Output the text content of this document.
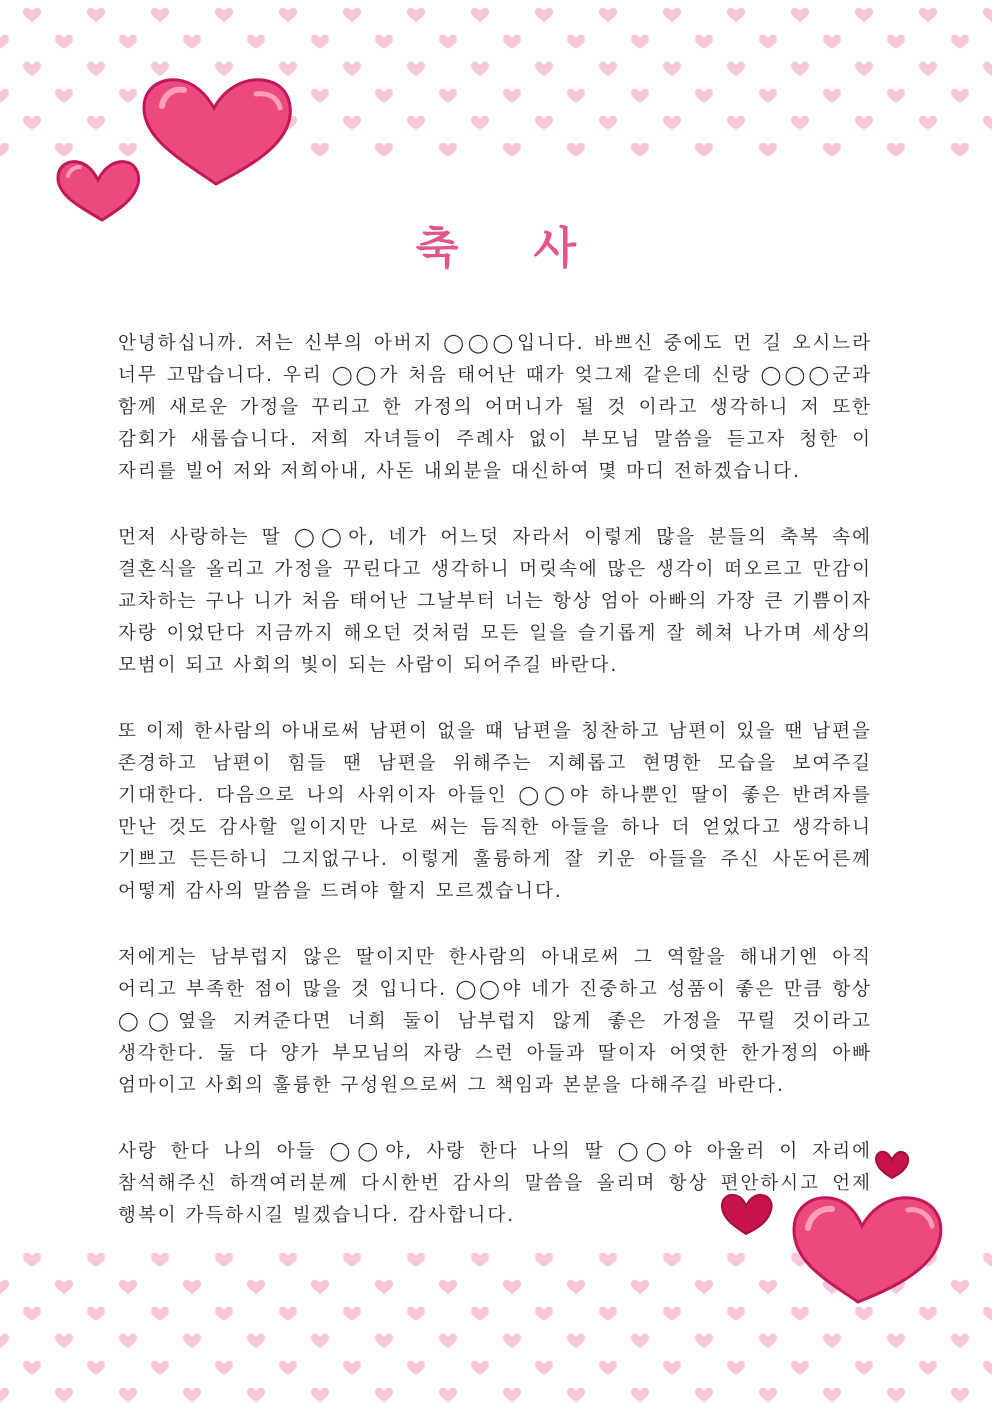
축 사

안녕하십니까. 저는 신부의 아버지 ◯◯◯입니다. 바쁘신 중에도 먼 길 오시느라 너무 고맙습니다. 우리 ◯◯가 처음 태어난 때가 엊그제 같은데 신랑 ◯◯◯군과 함께 새로운 가정을 꾸리고 한 가정의 어머니가 될 것 이라고 생각하니 저 또한 감회가 새롭습니다. 저희 자녀들이 주례사 없이 부모님 말씀을 듣고자 청한 이 자리를 빌어 저와 저희아내, 사돈 내외분을 대신하여 몇 마디 전하겠습니다.

먼저 사랑하는 딸 ◯◯아, 네가 어느덧 자라서 이렇게 많을 분들의 축복 속에 결혼식을 올리고 가정을 꾸린다고 생각하니 머릿속에 많은 생각이 떠오르고 만감이 교차하는 구나 니가 처음 태어난 그날부터 너는 항상 엄아 아빠의 가장 큰 기쁨이자 자랑 이었단다 지금까지 해오던 것처럼 모든 일을 슬기롭게 잘 헤쳐 나가며 세상의 모범이 되고 사회의 빛이 되는 사람이 되어주길 바란다.

또 이제 한사람의 아내로써 남편이 없을 때 남편을 칭찬하고 남편이 있을 땐 남편을 존경하고 남편이 힘들 땐 남편을 위해주는 지혜롭고 현명한 모습을 보여주길 기대한다. 다음으로 나의 사위이자 아들인 ◯◯야 하나뿐인 딸이 좋은 반려자를 만난 것도 감사할 일이지만 나로 써는 듬직한 아들을 하나 더 얻었다고 생각하니 기쁘고 든든하니 그지없구나. 이렇게 훌륭하게 잘 키운 아들을 주신 사돈어른께 어떻게 감사의 말씀을 드려야 할지 모르겠습니다.

저에게는 남부럽지 않은 딸이지만 한사람의 아내로써 그 역할을 해내기엔 아직 어리고 부족한 점이 많을 것 입니다. ◯◯야 네가 진중하고 성품이 좋은 만큼 항상 ◯◯옆을 지켜준다면 너희 둘이 남부럽지 않게 좋은 가정을 꾸릴 것이라고 생각한다. 둘 다 양가 부모님의 자랑 스런 아들과 딸이자 어엿한 한가정의 아빠 엄마이고 사회의 훌륭한 구성원으로써 그 책임과 본분을 다해주길 바란다.

사랑 한다 나의 아들 ◯◯야, 사랑 한다 나의 딸 ◯◯야 아울러 이 자리에 참석해주신 하객여러분께 다시한번 감사의 말씀을 올리며 항상 편안하시고 언제 행복이 가득하시길 빌겠습니다. 감사합니다.
